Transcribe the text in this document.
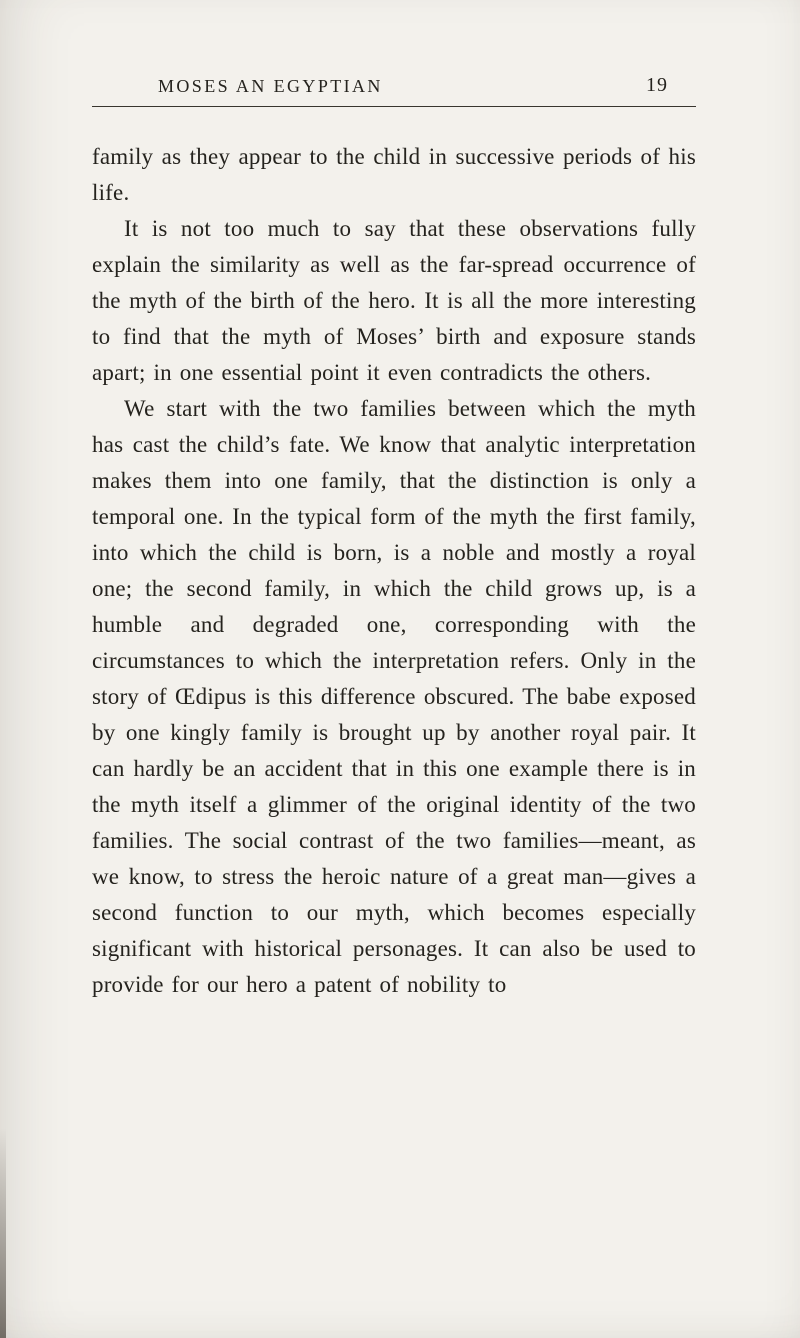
MOSES AN EGYPTIAN	19

family as they appear to the child in successive periods of his life.

It is not too much to say that these observations fully explain the similarity as well as the far-spread occurrence of the myth of the birth of the hero. It is all the more interesting to find that the myth of Moses’ birth and exposure stands apart; in one essential point it even contradicts the others.

We start with the two families between which the myth has cast the child’s fate. We know that analytic interpretation makes them into one family, that the distinction is only a temporal one. In the typical form of the myth the first family, into which the child is born, is a noble and mostly a royal one; the second family, in which the child grows up, is a humble and degraded one, corresponding with the circumstances to which the interpretation refers. Only in the story of Œdipus is this difference obscured. The babe exposed by one kingly family is brought up by another royal pair. It can hardly be an accident that in this one example there is in the myth itself a glimmer of the original identity of the two families. The social contrast of the two families—meant, as we know, to stress the heroic nature of a great man—gives a second function to our myth, which becomes especially significant with historical personages. It can also be used to provide for our hero a patent of nobility to
